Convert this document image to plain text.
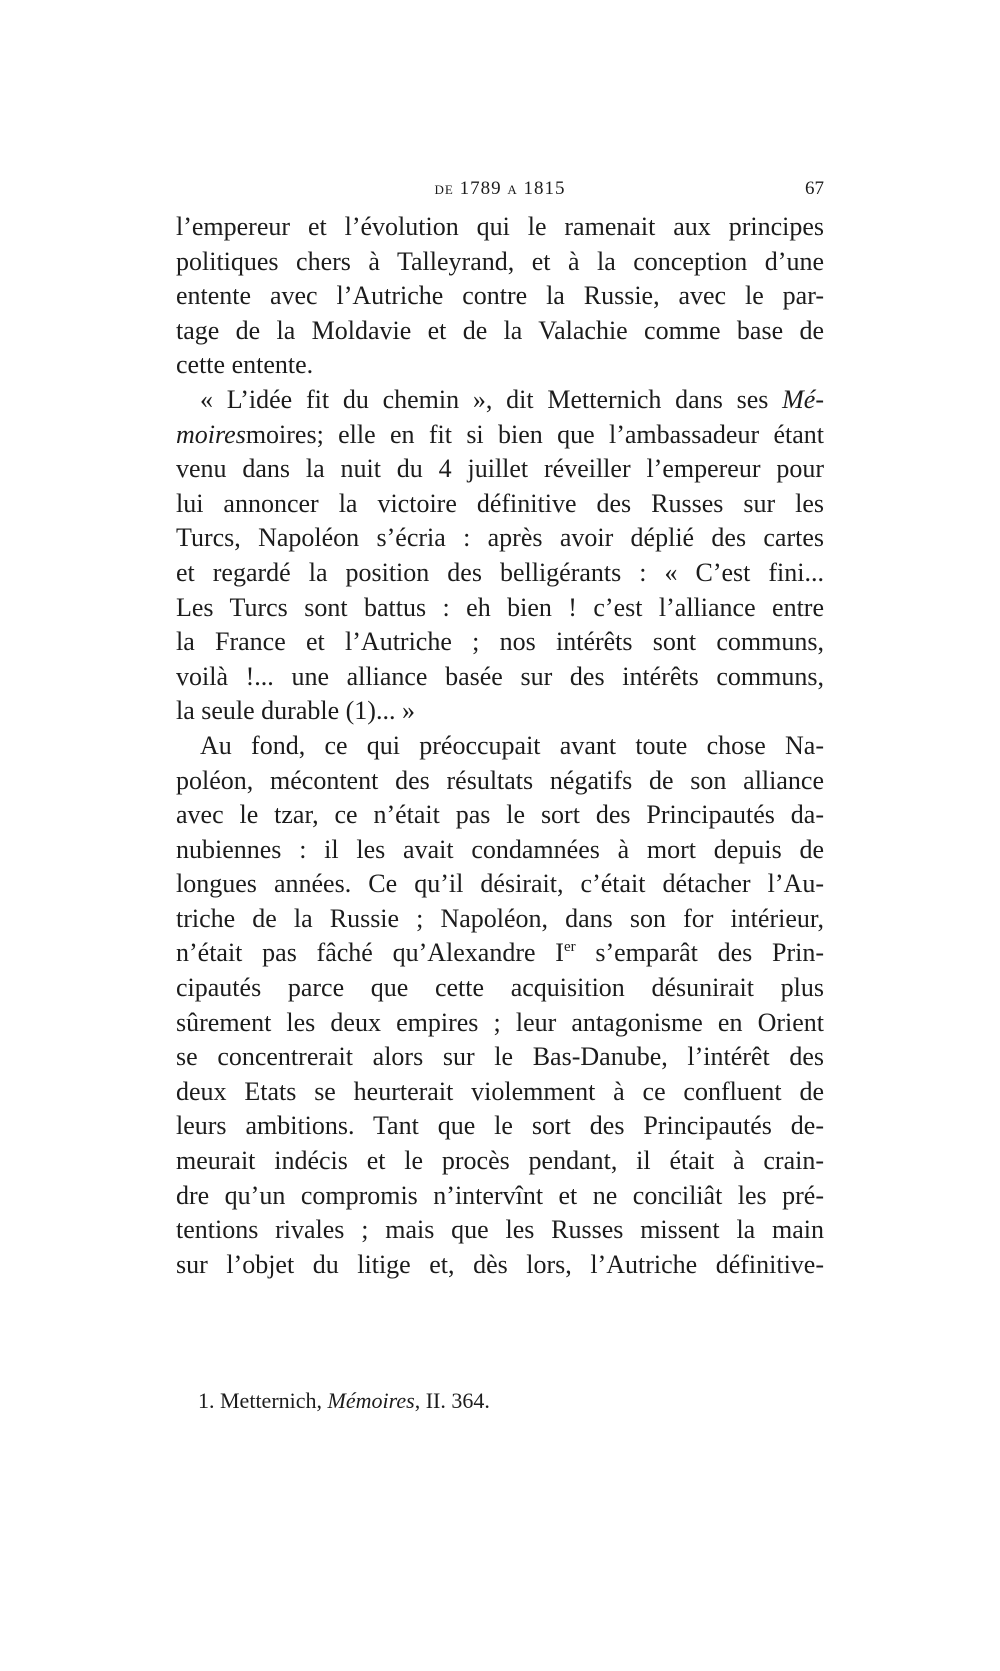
de 1789 a 1815	67
l’empereur et l’évolution qui le ramenait aux principes
politiques chers à Talleyrand, et à la conception d’une
entente avec l’Autriche contre la Russie, avec le par-
tage de la Moldavie et de la Valachie comme base de
cette entente.
« L’idée fit du chemin », dit Metternich dans ses Mé-
moiresmoires; elle en fit si bien que l’ambassadeur étant
venu dans la nuit du 4 juillet réveiller l’empereur pour
lui annoncer la victoire définitive des Russes sur les
Turcs, Napoléon s’écria : après avoir déplié des cartes
et regardé la position des belligérants : « C’est fini...
Les Turcs sont battus : eh bien ! c’est l’alliance entre
la France et l’Autriche ; nos intérêts sont communs,
voilà !... une alliance basée sur des intérêts communs,
la seule durable (1)... »
Au fond, ce qui préoccupait avant toute chose Na-
poléon, mécontent des résultats négatifs de son alliance
avec le tzar, ce n’était pas le sort des Principautés da-
nubiennes : il les avait condamnées à mort depuis de
longues années. Ce qu’il désirait, c’était détacher l’Au-
triche de la Russie ; Napoléon, dans son for intérieur,
n’était pas fâché qu’Alexandre Ier s’emparât des Prin-
cipautés parce que cette acquisition désunirait plus
sûrement les deux empires ; leur antagonisme en Orient
se concentrerait alors sur le Bas-Danube, l’intérêt des
deux Etats se heurterait violemment à ce confluent de
leurs ambitions. Tant que le sort des Principautés de-
meurait indécis et le procès pendant, il était à crain-
dre qu’un compromis n’intervînt et ne conciliât les pré-
tentions rivales ; mais que les Russes missent la main
sur l’objet du litige et, dès lors, l’Autriche définitive-
1. Metternich, Mémoires, II. 364.
